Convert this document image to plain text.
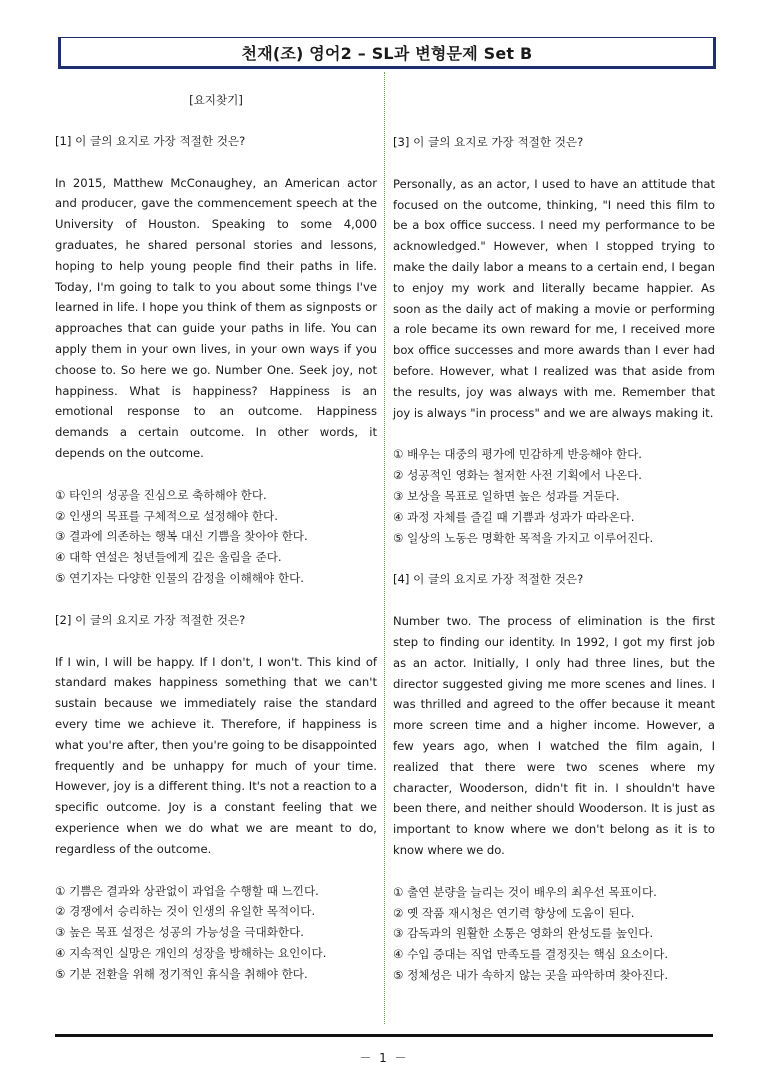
천재(조) 영어2 – SL과 변형문제 Set B

[요지찾기]

[1] 이 글의 요지로 가장 적절한 것은?

In 2015, Matthew McConaughey, an American actor and producer, gave the commencement speech at the University of Houston. Speaking to some 4,000 graduates, he shared personal stories and lessons, hoping to help young people find their paths in life. Today, I'm going to talk to you about some things I've learned in life. I hope you think of them as signposts or approaches that can guide your paths in life. You can apply them in your own lives, in your own ways if you choose to. So here we go. Number One. Seek joy, not happiness. What is happiness? Happiness is an emotional response to an outcome. Happiness demands a certain outcome. In other words, it depends on the outcome.

① 타인의 성공을 진심으로 축하해야 한다.
② 인생의 목표를 구체적으로 설정해야 한다.
③ 결과에 의존하는 행복 대신 기쁨을 찾아야 한다.
④ 대학 연설은 청년들에게 깊은 울림을 준다.
⑤ 연기자는 다양한 인물의 감정을 이해해야 한다.

[2] 이 글의 요지로 가장 적절한 것은?

If I win, I will be happy. If I don't, I won't. This kind of standard makes happiness something that we can't sustain because we immediately raise the standard every time we achieve it. Therefore, if happiness is what you're after, then you're going to be disappointed frequently and be unhappy for much of your time. However, joy is a different thing. It's not a reaction to a specific outcome. Joy is a constant feeling that we experience when we do what we are meant to do, regardless of the outcome.

① 기쁨은 결과와 상관없이 과업을 수행할 때 느낀다.
② 경쟁에서 승리하는 것이 인생의 유일한 목적이다.
③ 높은 목표 설정은 성공의 가능성을 극대화한다.
④ 지속적인 실망은 개인의 성장을 방해하는 요인이다.
⑤ 기분 전환을 위해 정기적인 휴식을 취해야 한다.

[3] 이 글의 요지로 가장 적절한 것은?

Personally, as an actor, I used to have an attitude that focused on the outcome, thinking, "I need this film to be a box office success. I need my performance to be acknowledged." However, when I stopped trying to make the daily labor a means to a certain end, I began to enjoy my work and literally became happier. As soon as the daily act of making a movie or performing a role became its own reward for me, I received more box office successes and more awards than I ever had before. However, what I realized was that aside from the results, joy was always with me. Remember that joy is always "in process" and we are always making it.

① 배우는 대중의 평가에 민감하게 반응해야 한다.
② 성공적인 영화는 철저한 사전 기획에서 나온다.
③ 보상을 목표로 일하면 높은 성과를 거둔다.
④ 과정 자체를 즐길 때 기쁨과 성과가 따라온다.
⑤ 일상의 노동은 명확한 목적을 가지고 이루어진다.

[4] 이 글의 요지로 가장 적절한 것은?

Number two. The process of elimination is the first step to finding our identity. In 1992, I got my first job as an actor. Initially, I only had three lines, but the director suggested giving me more scenes and lines. I was thrilled and agreed to the offer because it meant more screen time and a higher income. However, a few years ago, when I watched the film again, I realized that there were two scenes where my character, Wooderson, didn't fit in. I shouldn't have been there, and neither should Wooderson. It is just as important to know where we don't belong as it is to know where we do.

① 출연 분량을 늘리는 것이 배우의 최우선 목표이다.
② 옛 작품 재시청은 연기력 향상에 도움이 된다.
③ 감독과의 원활한 소통은 영화의 완성도를 높인다.
④ 수입 증대는 직업 만족도를 결정짓는 핵심 요소이다.
⑤ 정체성은 내가 속하지 않는 곳을 파악하며 찾아진다.
－ 1 －
